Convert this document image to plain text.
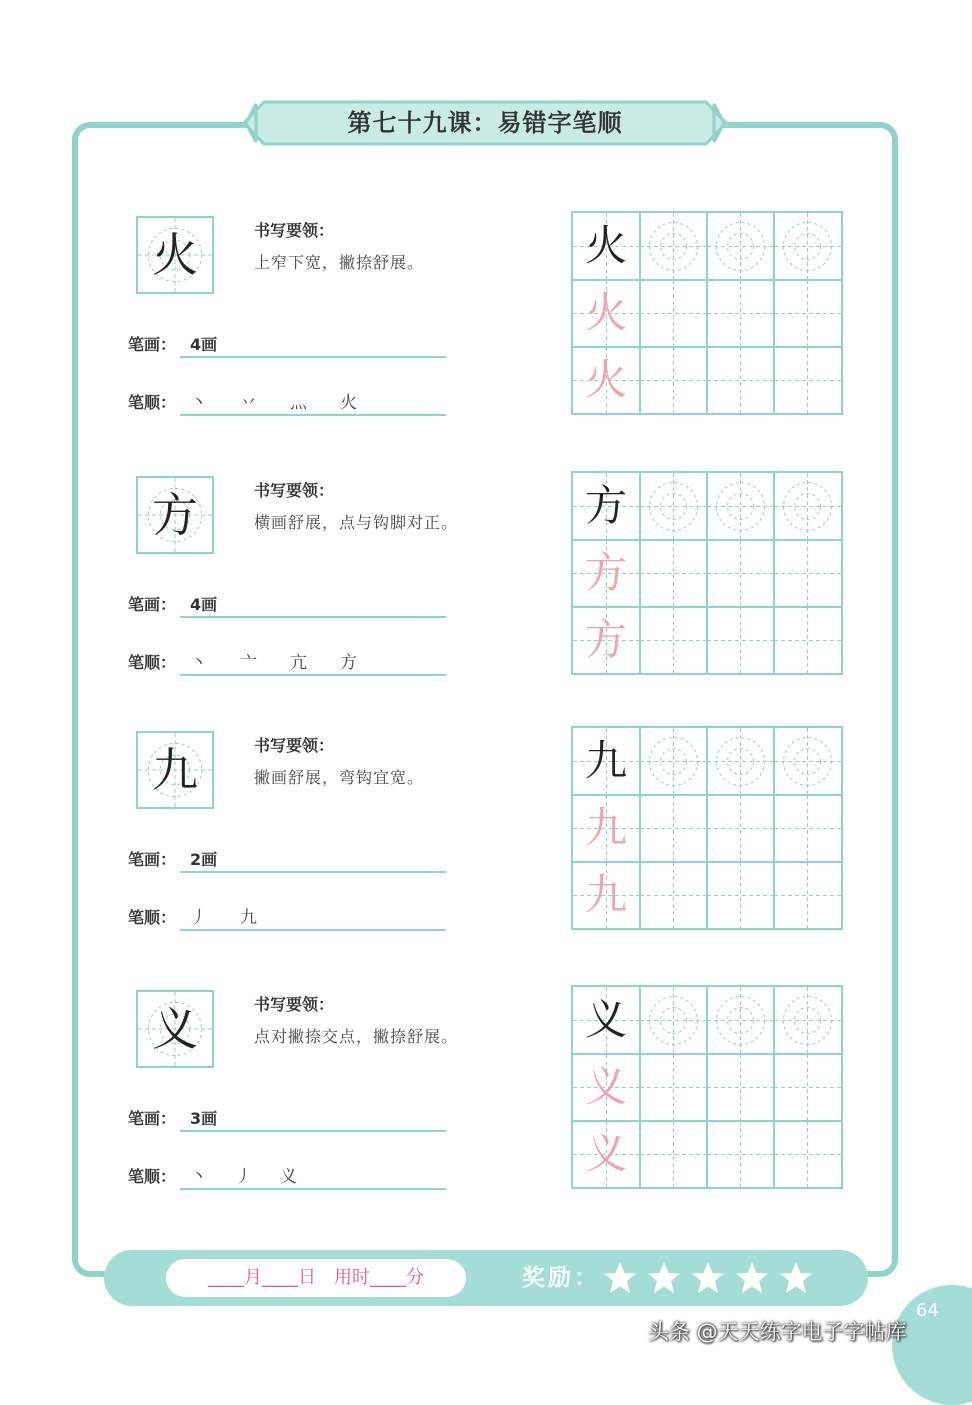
第七十九课：易错字笔顺
火	书写要领：
上窄下宽，撇捺舒展。
笔画： 4画
笔顺： 丶 丷 灬 火
火
火
火
方	书写要领：
横画舒展，点与钩脚对正。
笔画： 4画
笔顺： 丶 亠 亢 方
方
方
方
九	书写要领：
撇画舒展，弯钩宜宽。
笔画： 2画
笔顺： 丿 九
九
九
九
义	书写要领：
点对撇捺交点，撇捺舒展。
笔画： 3画
笔顺： 丶 丿 义
义
义
义
____月____日　用时____分	奖励：
64
头条 @天天练字电子字帖库
